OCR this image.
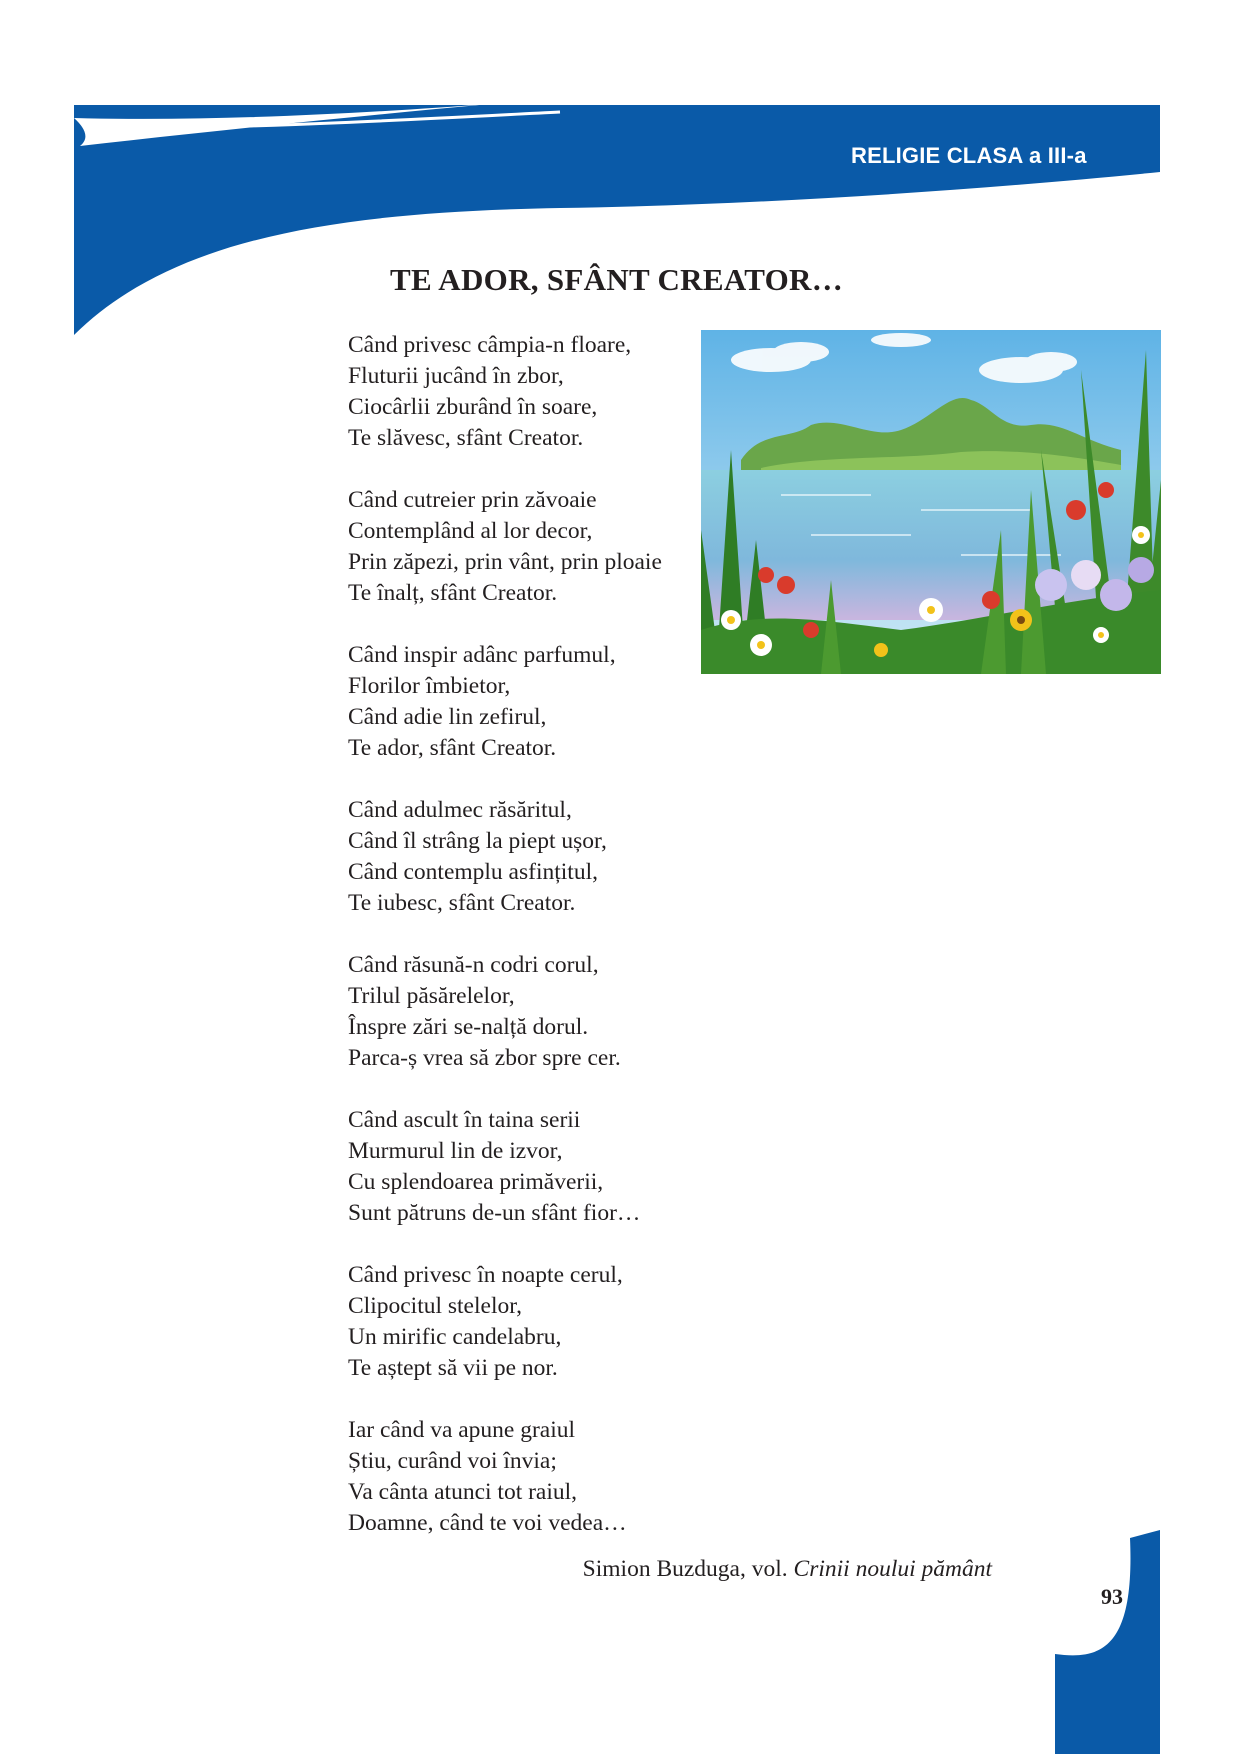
RELIGIE CLASA a III-a
TE ADOR, SFÂNT CREATOR…
Când privesc câmpia-n floare,
Fluturii jucând în zbor,
Ciocârlii zburând în soare,
Te slăvesc, sfânt Creator.
Când cutreier prin zăvoaie
Contemplând al lor decor,
Prin zăpezi, prin vânt, prin ploaie
Te înalț, sfânt Creator.
Când inspir adânc parfumul,
Florilor îmbietor,
Când adie lin zefirul,
Te ador, sfânt Creator.
Când adulmec răsăritul,
Când îl strâng la piept ușor,
Când contemplu asfințitul,
Te iubesc, sfânt Creator.
Când răsună-n codri corul,
Trilul păsărelelor,
Înspre zări se-nalță dorul.
Parca-ș vrea să zbor spre cer.
Când ascult în taina serii
Murmurul lin de izvor,
Cu splendoarea primăverii,
Sunt pătruns de-un sfânt fior…
Când privesc în noapte cerul,
Clipocitul stelelor,
Un mirific candelabru,
Te aștept să vii pe nor.
Iar când va apune graiul
Știu, curând voi învia;
Va cânta atunci tot raiul,
Doamne, când te voi vedea…
Simion Buzduga, vol. Crinii noului pământ
93
